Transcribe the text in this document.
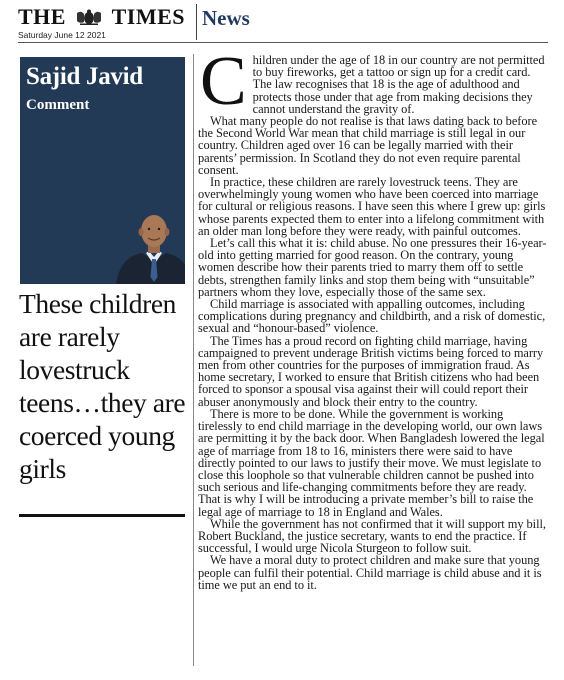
THE TIMES
Saturday June 12 2021
News
Sajid Javid
Comment
These children are rarely lovestruck teens…they are coerced young girls
C hildren under the age of 18 in our country are not permitted to buy fireworks, get a tattoo or sign up for a credit card. The law recognises that 18 is the age of adulthood and protects those under that age from making decisions they cannot understand the gravity of.

What many people do not realise is that laws dating back to before the Second World War mean that child marriage is still legal in our country. Children aged over 16 can be legally married with their parents’ permission. In Scotland they do not even require parental consent.

In practice, these children are rarely lovestruck teens. They are overwhelmingly young women who have been coerced into marriage for cultural or religious reasons. I have seen this where I grew up: girls whose parents expected them to enter into a lifelong commitment with an older man long before they were ready, with painful outcomes.

Let’s call this what it is: child abuse. No one pressures their 16-year-old into getting married for good reason. On the contrary, young women describe how their parents tried to marry them off to settle debts, strengthen family links and stop them being with “unsuitable” partners whom they love, especially those of the same sex.

Child marriage is associated with appalling outcomes, including complications during pregnancy and childbirth, and a risk of domestic, sexual and “honour-based” violence.

The Times has a proud record on fighting child marriage, having campaigned to prevent underage British victims being forced to marry men from other countries for the purposes of immigration fraud. As home secretary, I worked to ensure that British citizens who had been forced to sponsor a spousal visa against their will could report their abuser anonymously and block their entry to the country.

There is more to be done. While the government is working tirelessly to end child marriage in the developing world, our own laws are permitting it by the back door. When Bangladesh lowered the legal age of marriage from 18 to 16, ministers there were said to have directly pointed to our laws to justify their move. We must legislate to close this loophole so that vulnerable children cannot be pushed into such serious and life-changing commitments before they are ready. That is why I will be introducing a private member’s bill to raise the legal age of marriage to 18 in England and Wales.

While the government has not confirmed that it will support my bill, Robert Buckland, the justice secretary, wants to end the practice. If successful, I would urge Nicola Sturgeon to follow suit.

We have a moral duty to protect children and make sure that young people can fulfil their potential. Child marriage is child abuse and it is time we put an end to it.
